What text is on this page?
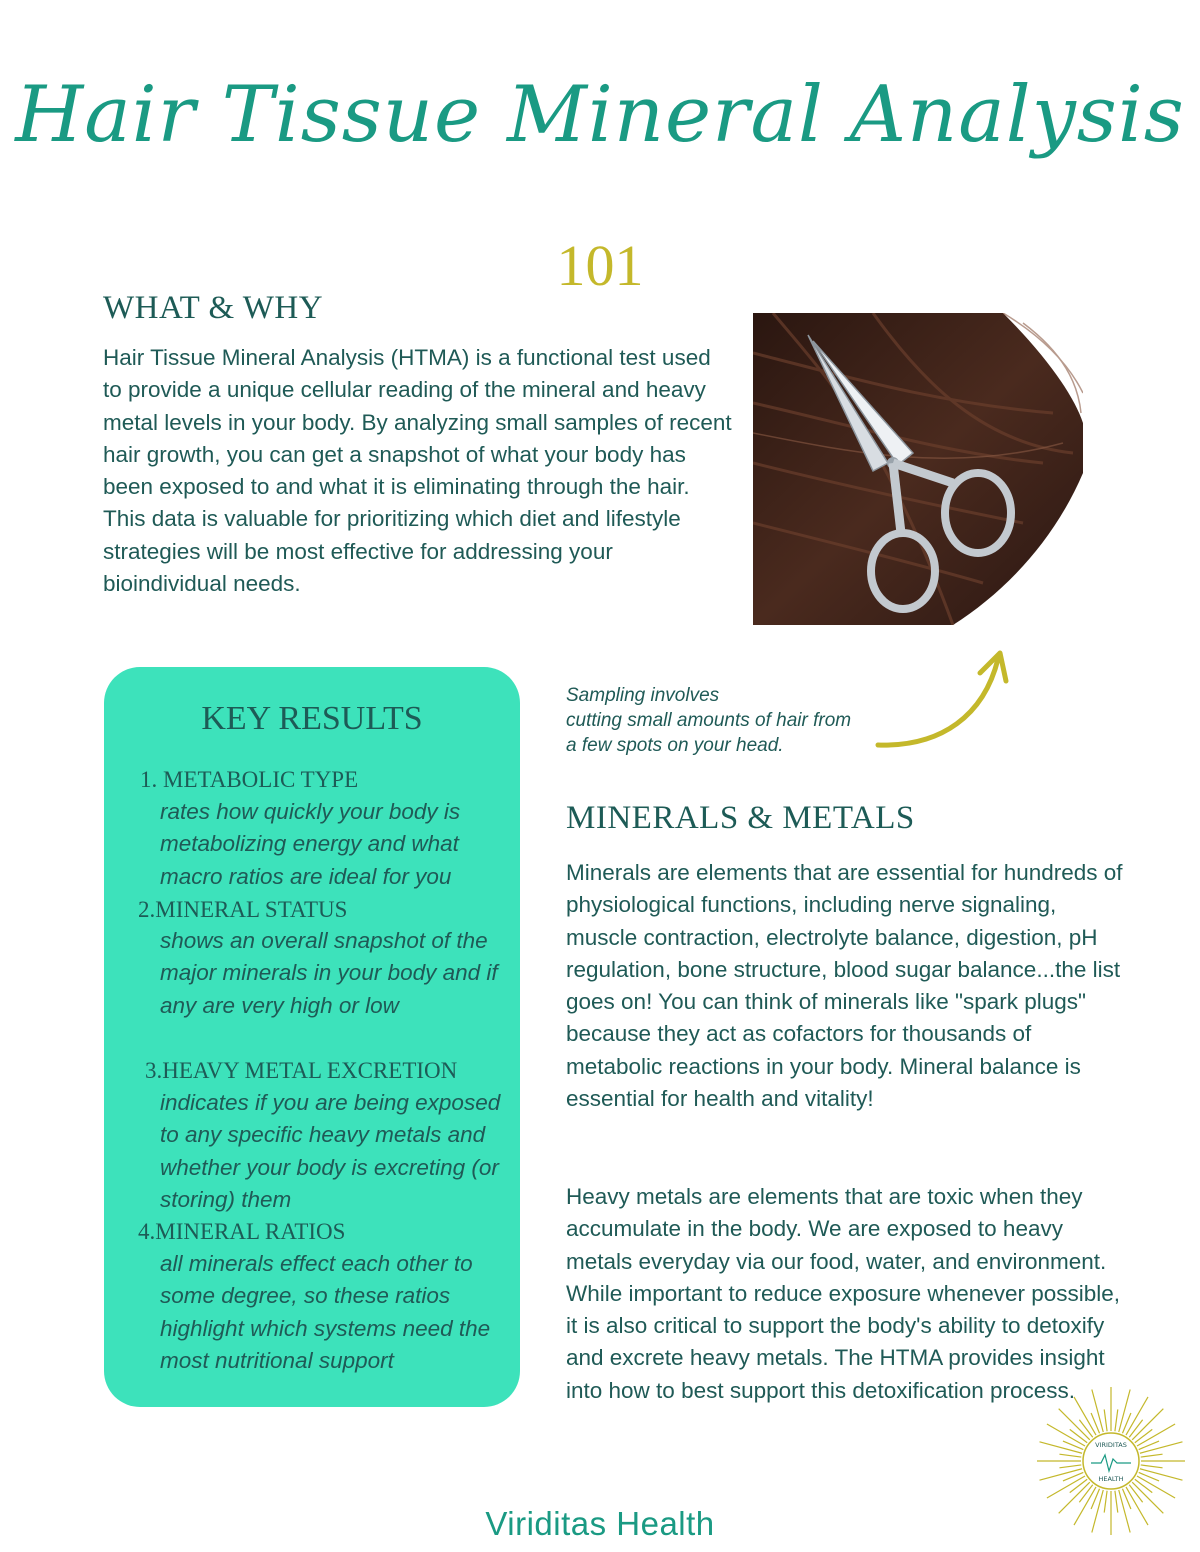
Hair Tissue Mineral Analysis
101
WHAT & WHY
Hair Tissue Mineral Analysis (HTMA) is a functional test used to provide a unique cellular reading of the mineral and heavy metal levels in your body. By analyzing small samples of recent hair growth, you can get a snapshot of what your body has been exposed to and what it is eliminating through the hair. This data is valuable for prioritizing which diet and lifestyle strategies will be most effective for addressing your bioindividual needs.
Sampling involves
cutting small amounts of hair from
a few spots on your head.
KEY RESULTS
1. METABOLIC TYPE
rates how quickly your body is metabolizing energy and what macro ratios are ideal for you
2.MINERAL STATUS
shows an overall snapshot of the major minerals in your body and if any are very high or low
3.HEAVY METAL EXCRETION
indicates if you are being exposed to any specific heavy metals and whether your body is excreting (or storing) them
4.MINERAL RATIOS
all minerals effect each other to some degree, so these ratios highlight which systems need the most nutritional support
MINERALS & METALS
Minerals are elements that are essential for hundreds of physiological functions, including nerve signaling, muscle contraction, electrolyte balance, digestion, pH regulation, bone structure, blood sugar balance...the list goes on! You can think of minerals like "spark plugs" because they act as cofactors for thousands of metabolic reactions in your body. Mineral balance is essential for health and vitality!
Heavy metals are elements that are toxic when they accumulate in the body. We are exposed to heavy metals everyday via our food, water, and environment. While important to reduce exposure whenever possible, it is also critical to support the body's ability to detoxify and excrete heavy metals. The HTMA provides insight into how to best support this detoxification process.
VIRIDITAS
HEALTH
Viriditas Health
